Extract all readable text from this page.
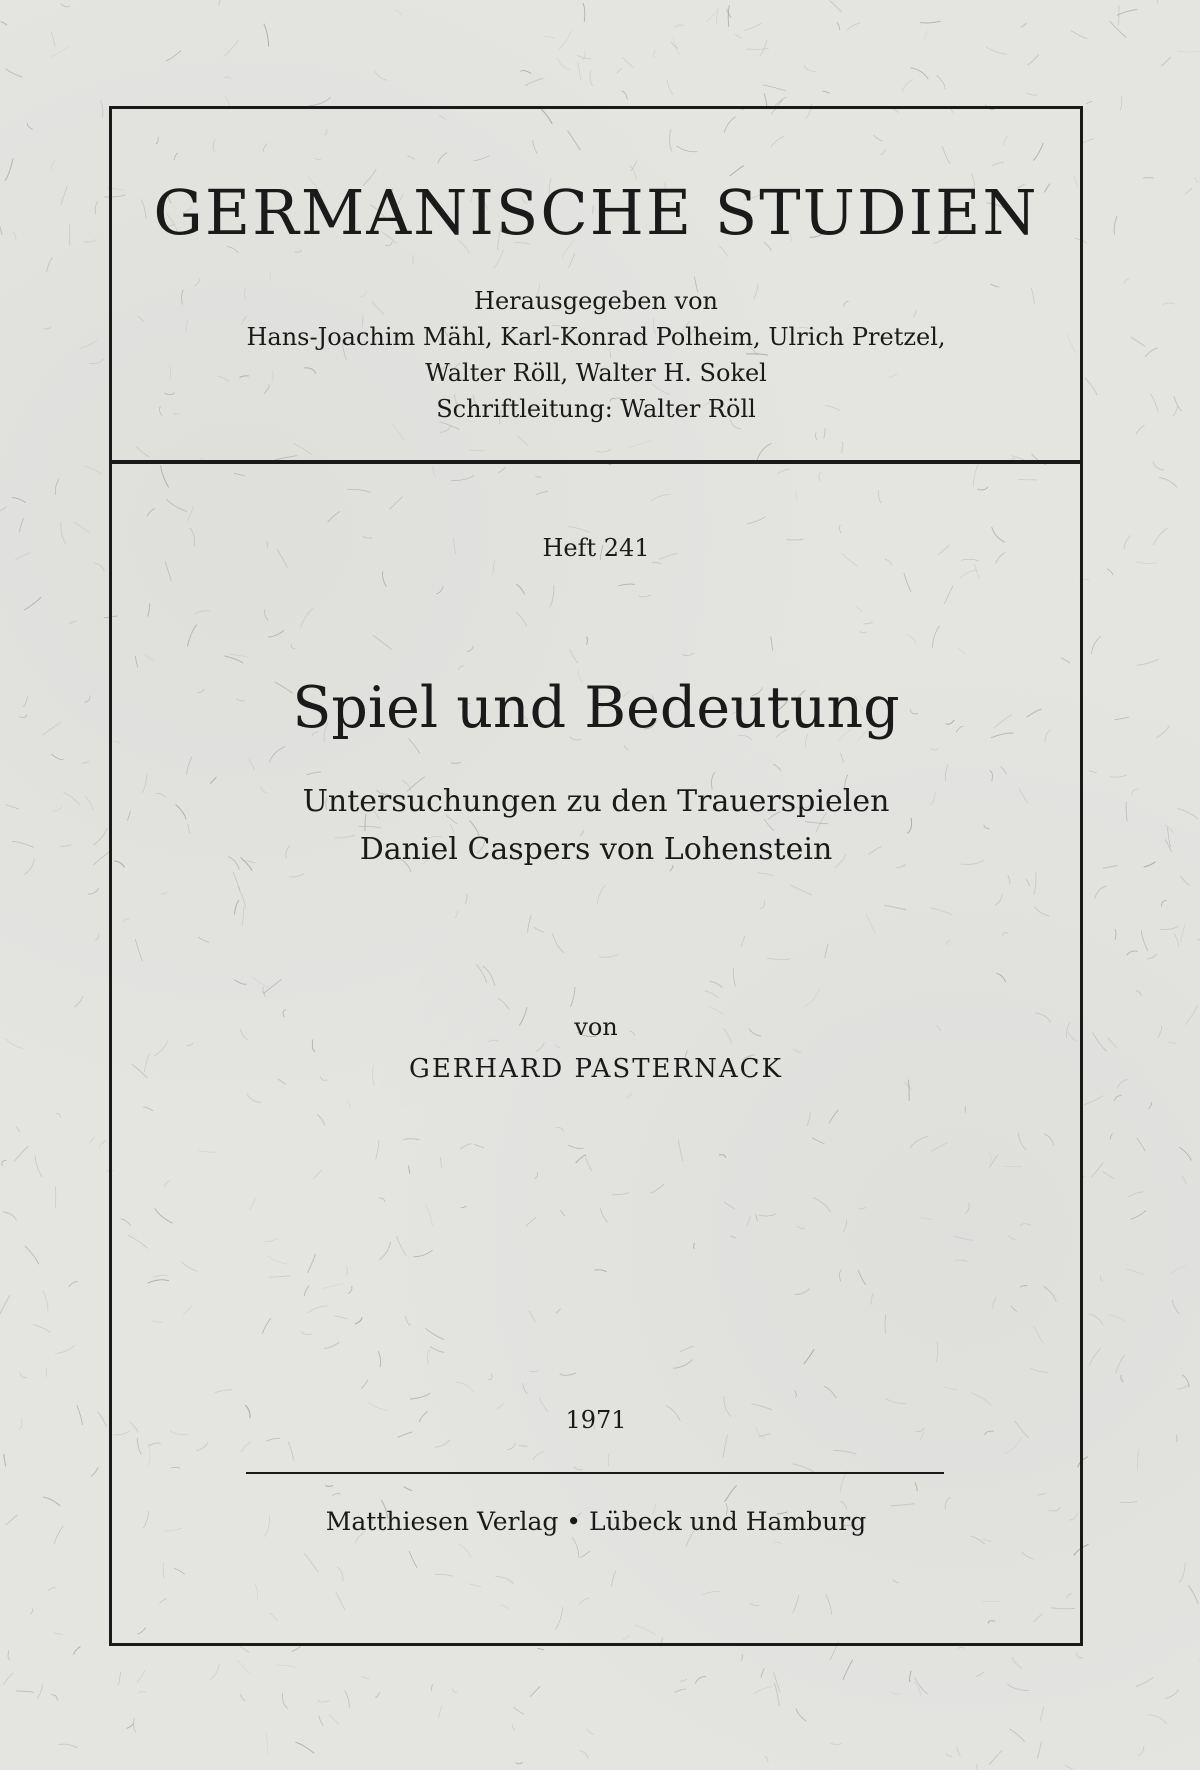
GERMANISCHE STUDIEN
Herausgegeben von
Hans-Joachim Mähl, Karl-Konrad Polheim, Ulrich Pretzel,
Walter Röll, Walter H. Sokel
Schriftleitung: Walter Röll
Heft 241
Spiel und Bedeutung
Untersuchungen zu den Trauerspielen
Daniel Caspers von Lohenstein
von
GERHARD PASTERNACK
1971
Matthiesen Verlag • Lübeck und Hamburg
